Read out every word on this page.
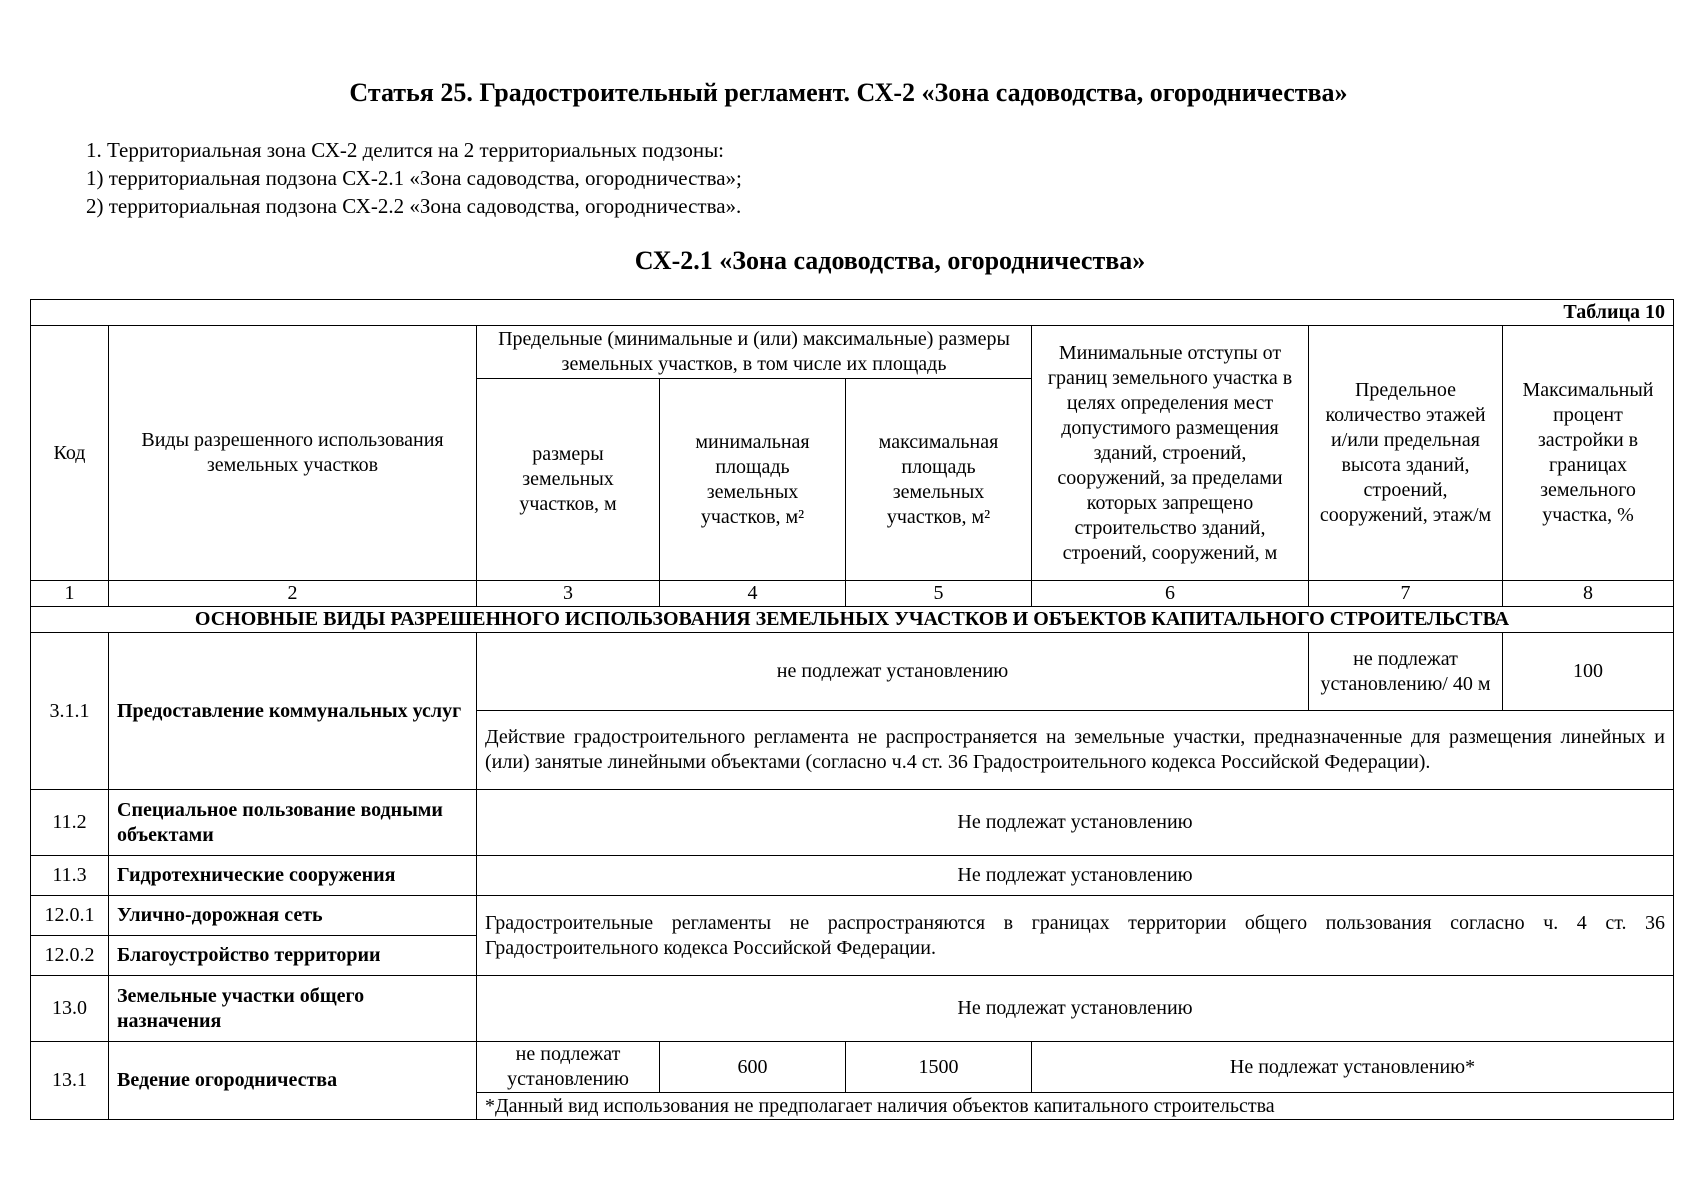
Статья 25. Градостроительный регламент. СХ-2 «Зона садоводства, огородничества»
1. Территориальная зона СХ-2 делится на 2 территориальных подзоны:
1) территориальная подзона СХ-2.1 «Зона садоводства, огородничества»;
2) территориальная подзона СХ-2.2 «Зона садоводства, огородничества».
СХ-2.1 «Зона садоводства, огородничества»
Таблица 10							
Код	Виды разрешенного использования земельных участков	Предельные (минимальные и (или) максимальные) размеры земельных участков, в том числе их площадь			Минимальные отступы от границ земельного участка в целях определения мест допустимого размещения зданий, строений, сооружений, за пределами которых запрещено строительство зданий, строений, сооружений, м	Предельное количество этажей и/или предельная высота зданий, строений, сооружений, этаж/м	Максимальный процент застройки в границах земельного участка, %
		размеры земельных участков, м	минимальная площадь земельных участков, м²	максимальная площадь земельных участков, м²			
1	2	3	4	5	6	7	8
ОСНОВНЫЕ ВИДЫ РАЗРЕШЕННОГО ИСПОЛЬЗОВАНИЯ ЗЕМЕЛЬНЫХ УЧАСТКОВ И ОБЪЕКТОВ КАПИТАЛЬНОГО СТРОИТЕЛЬСТВА							
3.1.1	Предоставление коммунальных услуг	не подлежат установлению				не подлежат установлению/ 40 м	100
		Действие градостроительного регламента не распространяется на земельные участки, предназначенные для размещения линейных и (или) занятые линейными объектами (согласно ч.4 ст. 36 Градостроительного кодекса Российской Федерации).					
11.2	Специальное пользование водными объектами	Не подлежат установлению					
11.3	Гидротехнические сооружения	Не подлежат установлению					
12.0.1	Улично-дорожная сеть	Градостроительные регламенты не распространяются в границах территории общего пользования согласно ч. 4 ст. 36 Градостроительного кодекса Российской Федерации.					
12.0.2	Благоустройство территории						
13.0	Земельные участки общего назначения	Не подлежат установлению					
13.1	Ведение огородничества	не подлежат установлению	600	1500	Не подлежат установлению*		
		*Данный вид использования не предполагает наличия объектов капитального строительства					
